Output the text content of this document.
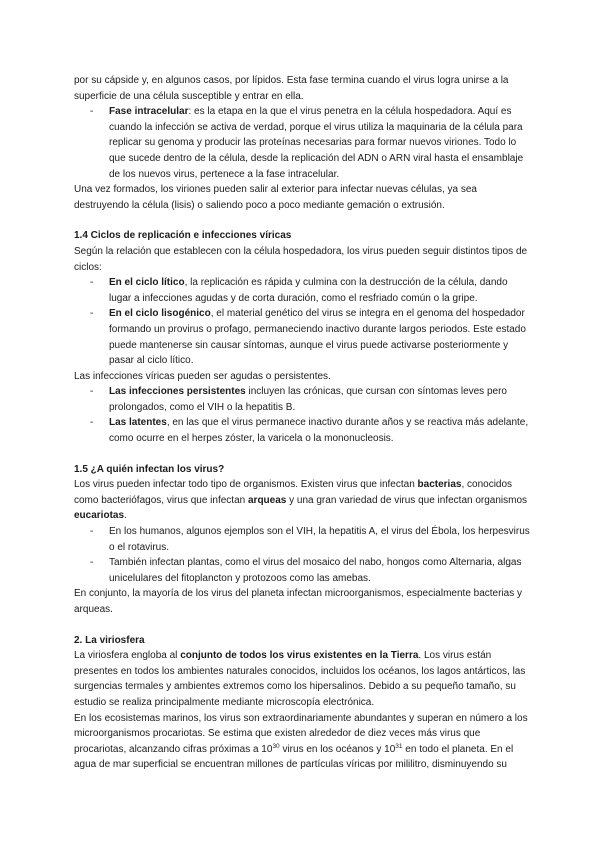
por su cápside y, en algunos casos, por lípidos. Esta fase termina cuando el virus logra unirse a la superficie de una célula susceptible y entrar en ella.

- Fase intracelular: es la etapa en la que el virus penetra en la célula hospedadora. Aquí es cuando la infección se activa de verdad, porque el virus utiliza la maquinaria de la célula para replicar su genoma y producir las proteínas necesarias para formar nuevos viriones. Todo lo que sucede dentro de la célula, desde la replicación del ADN o ARN viral hasta el ensamblaje de los nuevos virus, pertenece a la fase intracelular.

Una vez formados, los viriones pueden salir al exterior para infectar nuevas células, ya sea destruyendo la célula (lisis) o saliendo poco a poco mediante gemación o extrusión.

1.4 Ciclos de replicación e infecciones víricas

Según la relación que establecen con la célula hospedadora, los virus pueden seguir distintos tipos de ciclos:

- En el ciclo lítico, la replicación es rápida y culmina con la destrucción de la célula, dando lugar a infecciones agudas y de corta duración, como el resfriado común o la gripe.
- En el ciclo lisogénico, el material genético del virus se integra en el genoma del hospedador formando un provirus o profago, permaneciendo inactivo durante largos periodos. Este estado puede mantenerse sin causar síntomas, aunque el virus puede activarse posteriormente y pasar al ciclo lítico.

Las infecciones víricas pueden ser agudas o persistentes.

- Las infecciones persistentes incluyen las crónicas, que cursan con síntomas leves pero prolongados, como el VIH o la hepatitis B.
- Las latentes, en las que el virus permanece inactivo durante años y se reactiva más adelante, como ocurre en el herpes zóster, la varicela o la mononucleosis.
1.5 ¿A quién infectan los virus?

Los virus pueden infectar todo tipo de organismos. Existen virus que infectan bacterias, conocidos como bacteriófagos, virus que infectan arqueas y una gran variedad de virus que infectan organismos eucariotas.

- En los humanos, algunos ejemplos son el VIH, la hepatitis A, el virus del Ébola, los herpesvirus o el rotavirus.
- También infectan plantas, como el virus del mosaico del nabo, hongos como Alternaria, algas unicelulares del fitoplancton y protozoos como las amebas.

En conjunto, la mayoría de los virus del planeta infectan microorganismos, especialmente bacterias y arqueas.

2. La viriosfera

La viriosfera engloba al conjunto de todos los virus existentes en la Tierra. Los virus están presentes en todos los ambientes naturales conocidos, incluidos los océanos, los lagos antárticos, las surgencias termales y ambientes extremos como los hipersalinos. Debido a su pequeño tamaño, su estudio se realiza principalmente mediante microscopía electrónica.

En los ecosistemas marinos, los virus son extraordinariamente abundantes y superan en número a los microorganismos procariotas. Se estima que existen alrededor de diez veces más virus que procariotas, alcanzando cifras próximas a $10^{30}$ virus en los océanos y $10^{31}$ en todo el planeta. En el agua de mar superficial se encuentran millones de partículas víricas por mililitro, disminuyendo su
